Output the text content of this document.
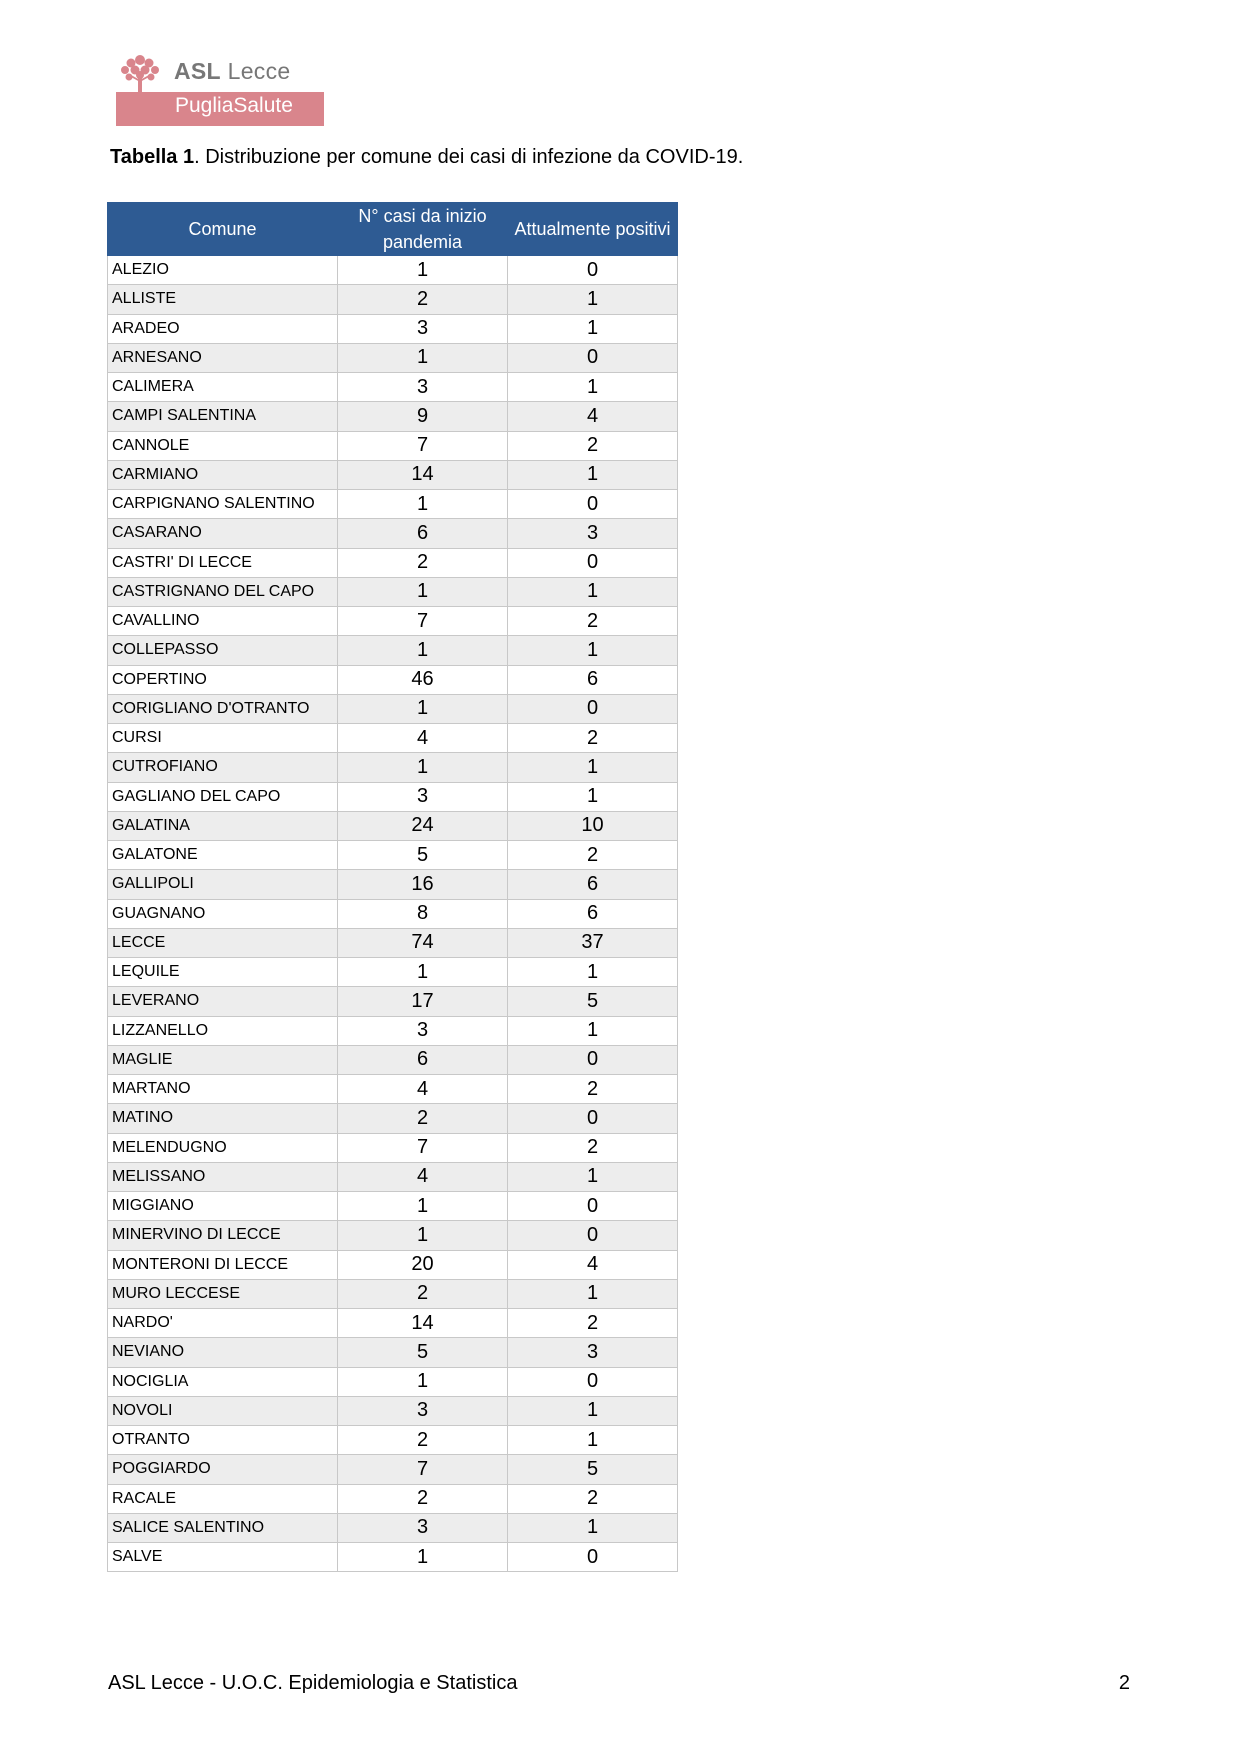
ASL Lecce
PugliaSalute
Tabella 1. Distribuzione per comune dei casi di infezione da COVID-19.
Comune	N° casi da inizio pandemia	Attualmente positivi
ALEZIO	1	0
ALLISTE	2	1
ARADEO	3	1
ARNESANO	1	0
CALIMERA	3	1
CAMPI SALENTINA	9	4
CANNOLE	7	2
CARMIANO	14	1
CARPIGNANO SALENTINO	1	0
CASARANO	6	3
CASTRI' DI LECCE	2	0
CASTRIGNANO DEL CAPO	1	1
CAVALLINO	7	2
COLLEPASSO	1	1
COPERTINO	46	6
CORIGLIANO D'OTRANTO	1	0
CURSI	4	2
CUTROFIANO	1	1
GAGLIANO DEL CAPO	3	1
GALATINA	24	10
GALATONE	5	2
GALLIPOLI	16	6
GUAGNANO	8	6
LECCE	74	37
LEQUILE	1	1
LEVERANO	17	5
LIZZANELLO	3	1
MAGLIE	6	0
MARTANO	4	2
MATINO	2	0
MELENDUGNO	7	2
MELISSANO	4	1
MIGGIANO	1	0
MINERVINO DI LECCE	1	0
MONTERONI DI LECCE	20	4
MURO LECCESE	2	1
NARDO'	14	2
NEVIANO	5	3
NOCIGLIA	1	0
NOVOLI	3	1
OTRANTO	2	1
POGGIARDO	7	5
RACALE	2	2
SALICE SALENTINO	3	1
SALVE	1	0
ASL Lecce - U.O.C. Epidemiologia e Statistica	2
